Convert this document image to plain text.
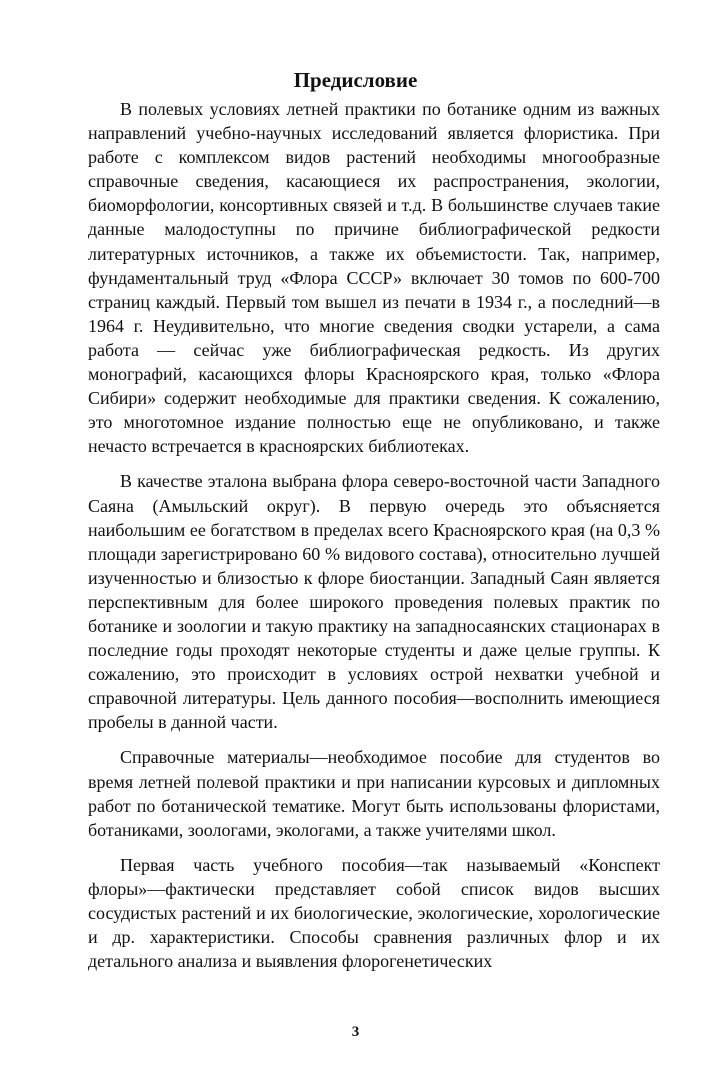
Предисловие

В полевых условиях летней практики по ботанике одним из важных направлений учебно-научных исследований является флористика. При работе с комплексом видов растений необходимы многообразные справочные сведения, касающиеся их распространения, экологии, биоморфологии, консортивных связей и т.д. В большинстве случаев такие данные малодоступны по причине библиографической редкости литературных источников, а также их объемистости. Так, например, фундаментальный труд «Флора СССР» включает 30 томов по 600-700 страниц каждый. Первый том вышел из печати в 1934 г., а последний—в 1964 г. Неудивительно, что многие сведения сводки устарели, а сама работа — сейчас уже библиографическая редкость. Из других монографий, касающихся флоры Красноярского края, только «Флора Сибири» содержит необходимые для практики сведения. К сожалению, это многотомное издание полностью еще не опубликовано, и также нечасто встречается в красноярских библиотеках.

В качестве эталона выбрана флора северо-восточной части Западного Саяна (Амыльский округ). В первую очередь это объясняется наибольшим ее богатством в пределах всего Красноярского края (на 0,3 % площади зарегистрировано 60 % видового состава), относительно лучшей изученностью и близостью к флоре биостанции. Западный Саян является перспективным для более широкого проведения полевых практик по ботанике и зоологии и такую практику на западносаянских стационарах в последние годы проходят некоторые студенты и даже целые группы. К сожалению, это происходит в условиях острой нехватки учебной и справочной литературы. Цель данного пособия—восполнить имеющиеся пробелы в данной части.

Справочные материалы—необходимое пособие для студентов во время летней полевой практики и при написании курсовых и дипломных работ по ботанической тематике. Могут быть использованы флористами, ботаниками, зоологами, экологами, а также учителями школ.

Первая часть учебного пособия—так называемый «Конспект флоры»—фактически представляет собой список видов высших сосудистых растений и их биологические, экологические, хорологические и др. характеристики. Способы сравнения различных флор и их детального анализа и выявления флорогенетических

3
